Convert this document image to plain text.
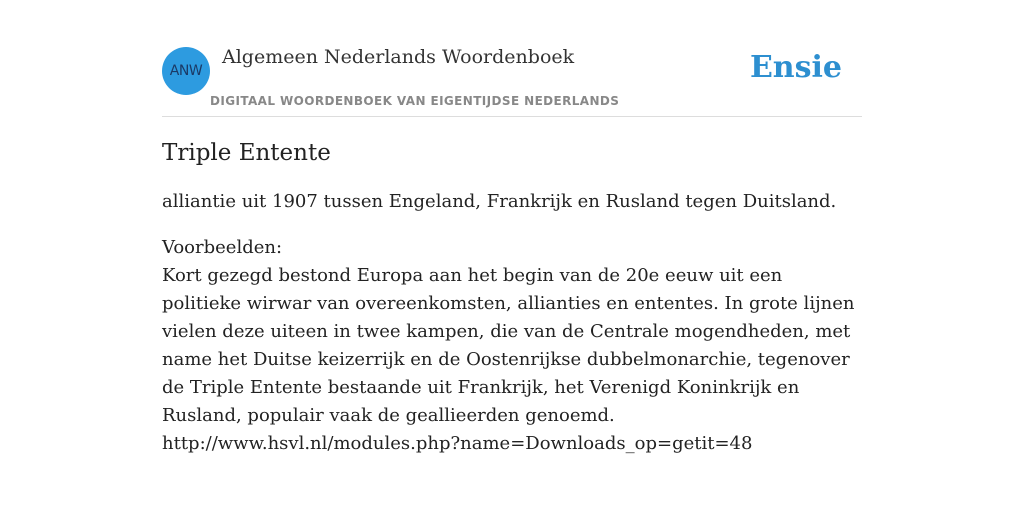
ANW
Algemeen Nederlands Woordenboek
DIGITAAL WOORDENBOEK VAN EIGENTIJDSE NEDERLANDS
Ensie
Triple Entente

alliantie uit 1907 tussen Engeland, Frankrijk en Rusland tegen Duitsland.

Voorbeelden:
Kort gezegd bestond Europa aan het begin van de 20e eeuw uit een politieke wirwar van overeenkomsten, allianties en ententes. In grote lijnen vielen deze uiteen in twee kampen, die van de Centrale mogendheden, met name het Duitse keizerrijk en de Oostenrijkse dubbelmonarchie, tegenover de Triple Entente bestaande uit Frankrijk, het Verenigd Koninkrijk en Rusland, populair vaak de geallieerden genoemd.
http://www.hsvl.nl/modules.php?name=Downloads_op=getit=48
